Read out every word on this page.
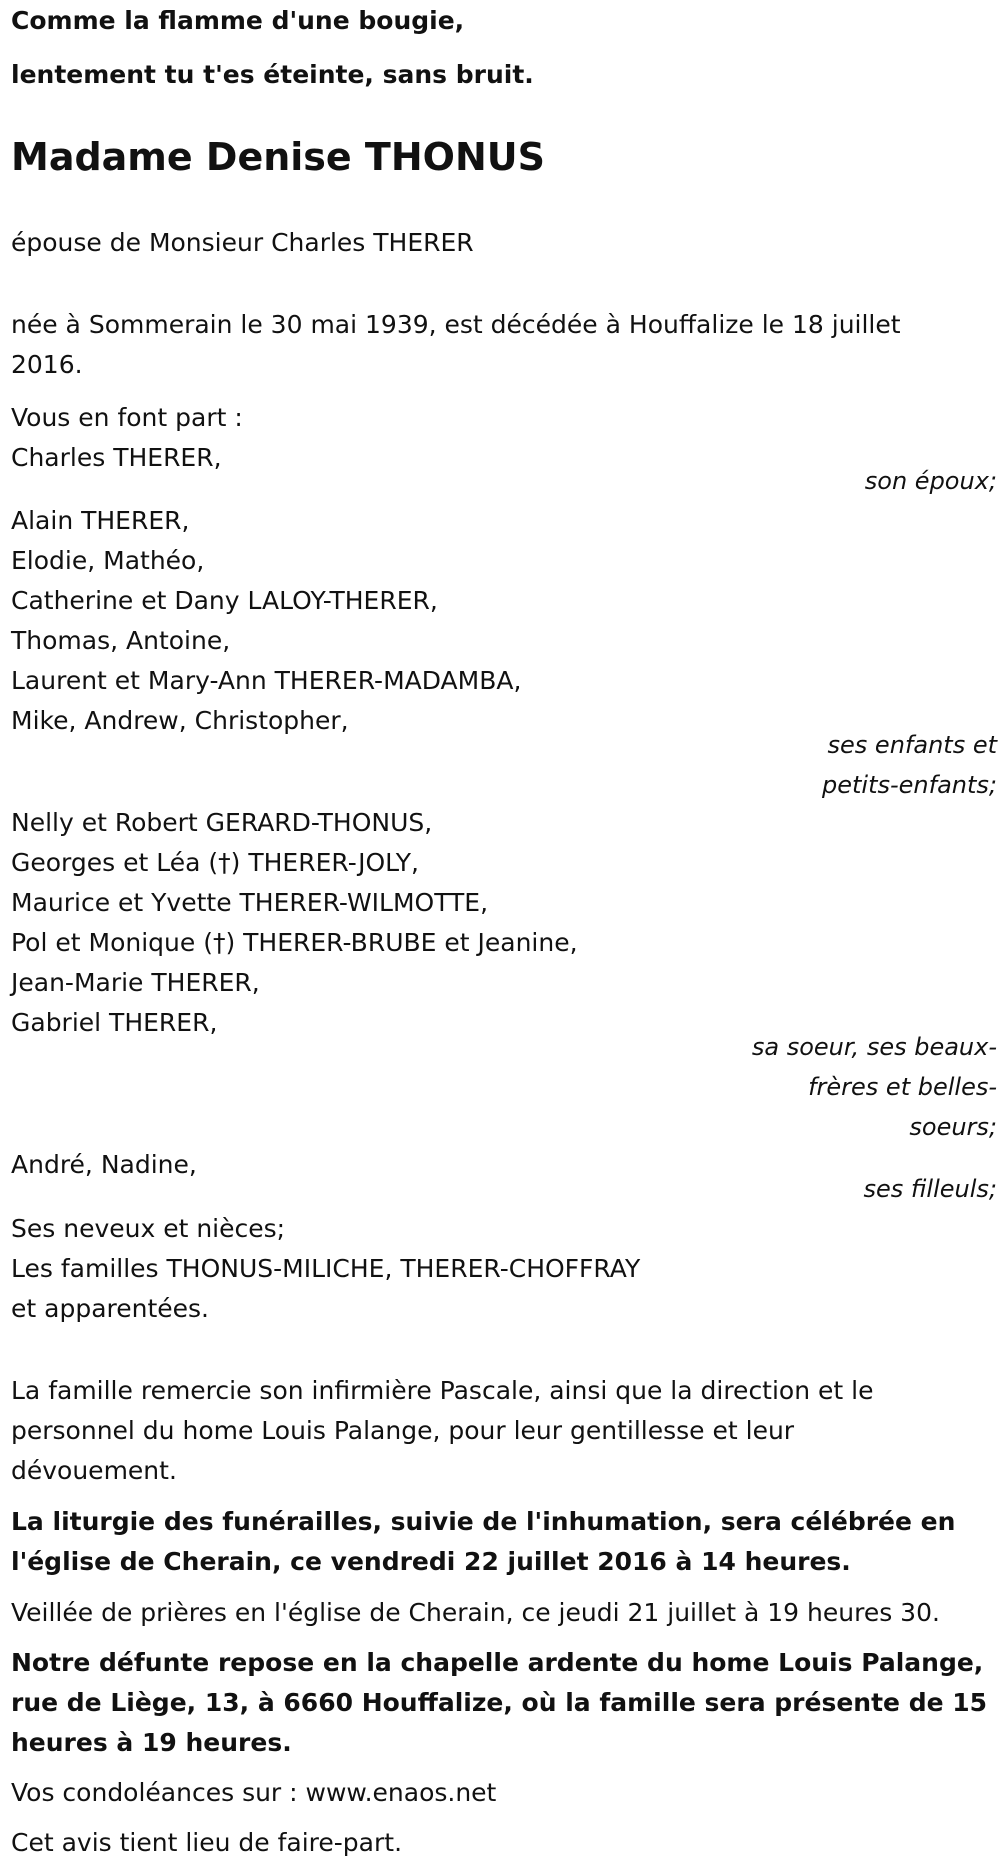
Comme la flamme d'une bougie,
lentement tu t'es éteinte, sans bruit.
Madame Denise THONUS
épouse de Monsieur Charles THERER
née à Sommerain le 30 mai 1939, est décédée à Houffalize le 18 juillet
2016.
Vous en font part :
Charles THERER,
son époux;
Alain THERER,
Elodie, Mathéo,
Catherine et Dany LALOY-THERER,
Thomas, Antoine,
Laurent et Mary-Ann THERER-MADAMBA,
Mike, Andrew, Christopher,
ses enfants et
petits-enfants;
Nelly et Robert GERARD-THONUS,
Georges et Léa (†) THERER-JOLY,
Maurice et Yvette THERER-WILMOTTE,
Pol et Monique (†) THERER-BRUBE et Jeanine,
Jean-Marie THERER,
Gabriel THERER,
sa soeur, ses beaux-
frères et belles-
soeurs;
André, Nadine,
ses filleuls;
Ses neveux et nièces;
Les familles THONUS-MILICHE, THERER-CHOFFRAY
et apparentées.
La famille remercie son infirmière Pascale, ainsi que la direction et le
personnel du home Louis Palange, pour leur gentillesse et leur
dévouement.
La liturgie des funérailles, suivie de l'inhumation, sera célébrée en
l'église de Cherain, ce vendredi 22 juillet 2016 à 14 heures.
Veillée de prières en l'église de Cherain, ce jeudi 21 juillet à 19 heures 30.
Notre défunte repose en la chapelle ardente du home Louis Palange,
rue de Liège, 13, à 6660 Houffalize, où la famille sera présente de 15
heures à 19 heures.
Vos condoléances sur : www.enaos.net
Cet avis tient lieu de faire-part.
